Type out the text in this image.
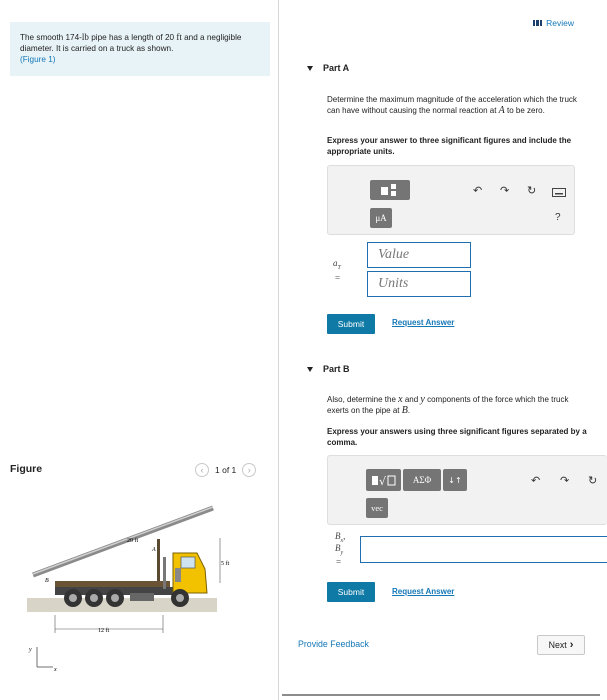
The smooth 174-lb pipe has a length of 20 ft and a negligible diameter. It is carried on a truck as shown.
(Figure 1)
Figure	‹	1 of 1	›
5 ft
20 ft
A
B
12 ft
y
x
Review
Part A
Determine the maximum magnitude of the acceleration which the truck can have without causing the normal reaction at A to be zero.
Express your answer to three significant figures and include the appropriate units.
μA
↶ ↷ ↻
?
$a_T$
=
Value
Units
Submit	Request Answer
Part B
Also, determine the x and y components of the force which the truck exerts on the pipe at B.
Express your answers using three significant figures separated by a comma.
√	ΑΣΦ	↓↑
vec
↶ ↷ ↻
$B_x$,
$B_y$
=
Submit	Request Answer
Provide Feedback	Next ›
